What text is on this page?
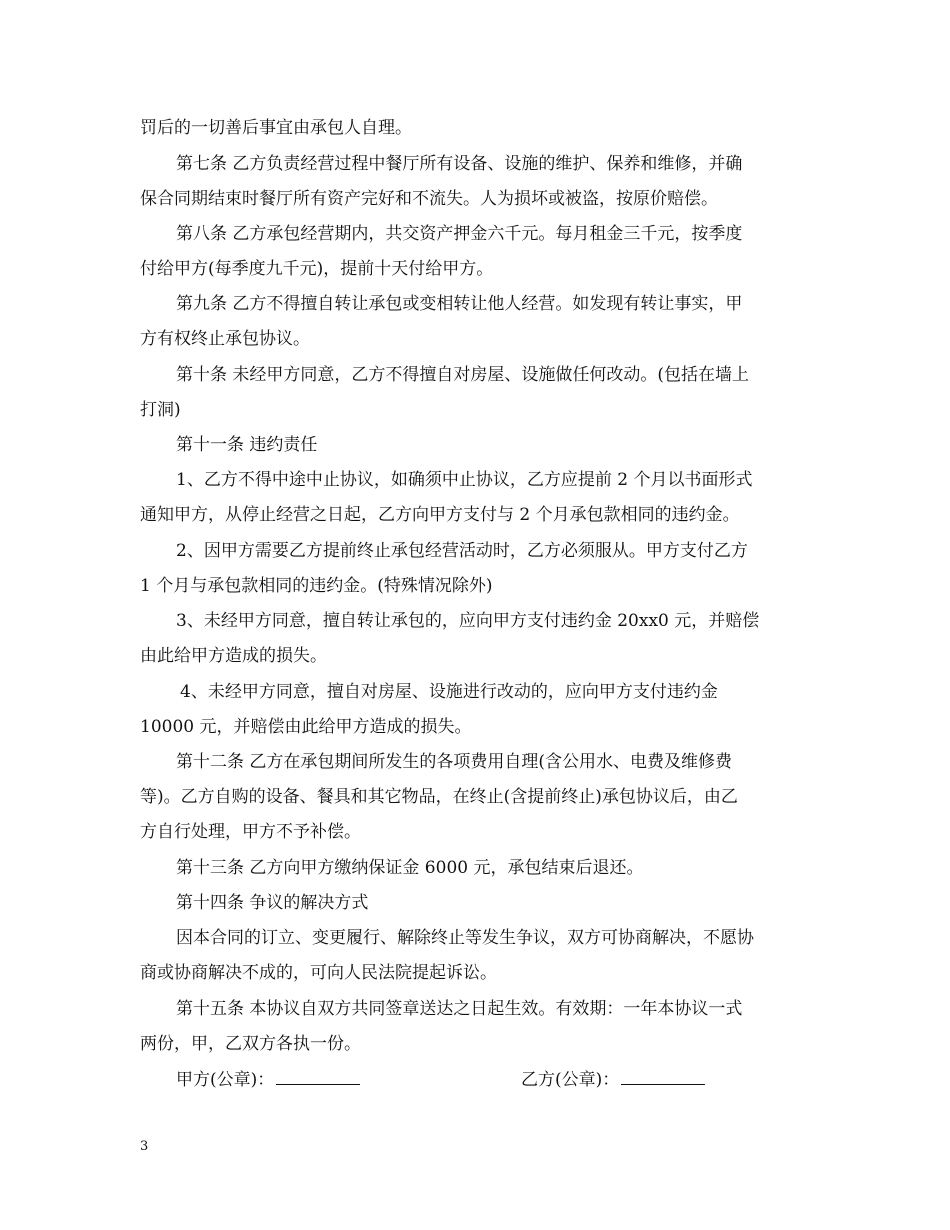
罚后的一切善后事宜由承包人自理。
第七条 乙方负责经营过程中餐厅所有设备、设施的维护、保养和维修，并确
保合同期结束时餐厅所有资产完好和不流失。人为损坏或被盗，按原价赔偿。
第八条 乙方承包经营期内，共交资产押金六千元。每月租金三千元，按季度
付给甲方(每季度九千元)，提前十天付给甲方。
第九条 乙方不得擅自转让承包或变相转让他人经营。如发现有转让事实，甲
方有权终止承包协议。
第十条 未经甲方同意，乙方不得擅自对房屋、设施做任何改动。(包括在墙上
打洞)
第十一条 违约责任
1、乙方不得中途中止协议，如确须中止协议，乙方应提前 2 个月以书面形式
通知甲方，从停止经营之日起，乙方向甲方支付与 2 个月承包款相同的违约金。
2、因甲方需要乙方提前终止承包经营活动时，乙方必须服从。甲方支付乙方
1 个月与承包款相同的违约金。(特殊情况除外)
3、未经甲方同意，擅自转让承包的，应向甲方支付违约金 20xx0 元，并赔偿
由此给甲方造成的损失。
4、未经甲方同意，擅自对房屋、设施进行改动的，应向甲方支付违约金
10000 元，并赔偿由此给甲方造成的损失。
第十二条 乙方在承包期间所发生的各项费用自理(含公用水、电费及维修费
等)。乙方自购的设备、餐具和其它物品，在终止(含提前终止)承包协议后，由乙
方自行处理，甲方不予补偿。
第十三条 乙方向甲方缴纳保证金 6000 元，承包结束后退还。
第十四条 争议的解决方式
因本合同的订立、变更履行、解除终止等发生争议，双方可协商解决，不愿协
商或协商解决不成的，可向人民法院提起诉讼。
第十五条 本协议自双方共同签章送达之日起生效。有效期：一年本协议一式
两份，甲，乙双方各执一份。
甲方(公章)：	乙方(公章)：
3
